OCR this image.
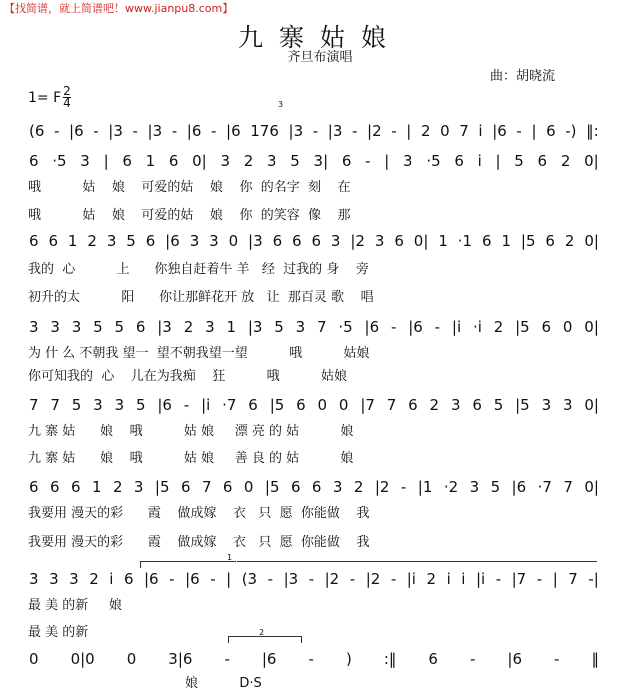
【找简谱，就上简谱吧！www.jianpu8.com】
九寨姑娘
齐旦布演唱
曲：胡晓流
1= F $\frac{2}{4}$
(6 - |6 - |3 - |3 - |6 - |6 176 |3 - |3 - |2 - | 2 0 7 i |6 - | 6 -) ‖:
6 ·5 3 | 6 1 6 0| 3 2 3 5 3| 6 - | 3 ·5 6 i | 5 6 2 0|
哦          姑    娘    可爱的姑    娘    你  的名字  刻    在
哦          姑    娘    可爱的姑    娘    你  的笑容  像    那
6 6 1 2 3 5 6 |6 3 3 0 |3 6 6 6 3 |2 3 6 0| 1 ·1 6 1 |5 6 2 0|
我的  心          上      你独自赶着牛 羊   经  过我的 身    旁
初升的太          阳      你让那鲜花开 放   让  那百灵 歌    唱
3 3 3 5 5 6 |3 2 3 1 |3 5 3 7 ·5 |6 - |6 - |i ·i 2 |5 6 0 0|
为 什 么 不朝我 望一  望不朝我望一望          哦          姑娘
你可知我的  心    儿在为我痴    狂          哦          姑娘
7 7 5 3 3 5 |6 - |i ·7 6 |5 6 0 0 |7 7 6 2 3 6 5 |5 3 3 0|
九 寨 姑      娘    哦          姑 娘     漂 亮 的 姑          娘
九 寨 姑      娘    哦          姑 娘     善 良 的 姑          娘
6 6 6 1 2 3 |5 6 7 6 0 |5 6 6 3 2 |2 - |1 ·2 3 5 |6 ·7 7 0|
我要用 漫天的彩      霞    做成嫁    衣   只  愿  你能做    我
我要用 漫天的彩      霞    做成嫁    衣   只  愿  你能做    我
3 3 3 2 i 6 |6 - |6 - | (3 - |3 - |2 - |2 - |i 2 i i |i - |7 - | 7 -|
最 美 的新     娘
最 美 的新
0 0|0 0 3|6 - |6 - ) :‖ 6 - |6 - ‖
娘          D·S
1
2
3
